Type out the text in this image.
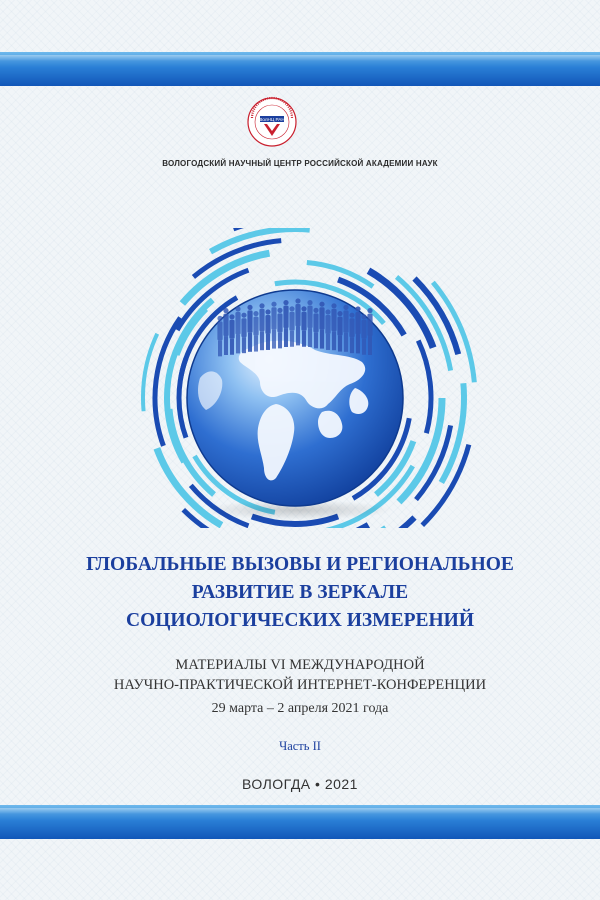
ВолНЦ РАН
ВОЛОГОДСКИЙ НАУЧНЫЙ ЦЕНТР РОССИЙСКОЙ АКАДЕМИИ НАУК
ГЛОБАЛЬНЫЕ ВЫЗОВЫ И РЕГИОНАЛЬНОЕ
РАЗВИТИЕ В ЗЕРКАЛЕ
СОЦИОЛОГИЧЕСКИХ ИЗМЕРЕНИЙ
МАТЕРИАЛЫ VI МЕЖДУНАРОДНОЙ
НАУЧНО-ПРАКТИЧЕСКОЙ ИНТЕРНЕТ-КОНФЕРЕНЦИИ
29 марта – 2 апреля 2021 года
Часть II
ВОЛОГДА • 2021
